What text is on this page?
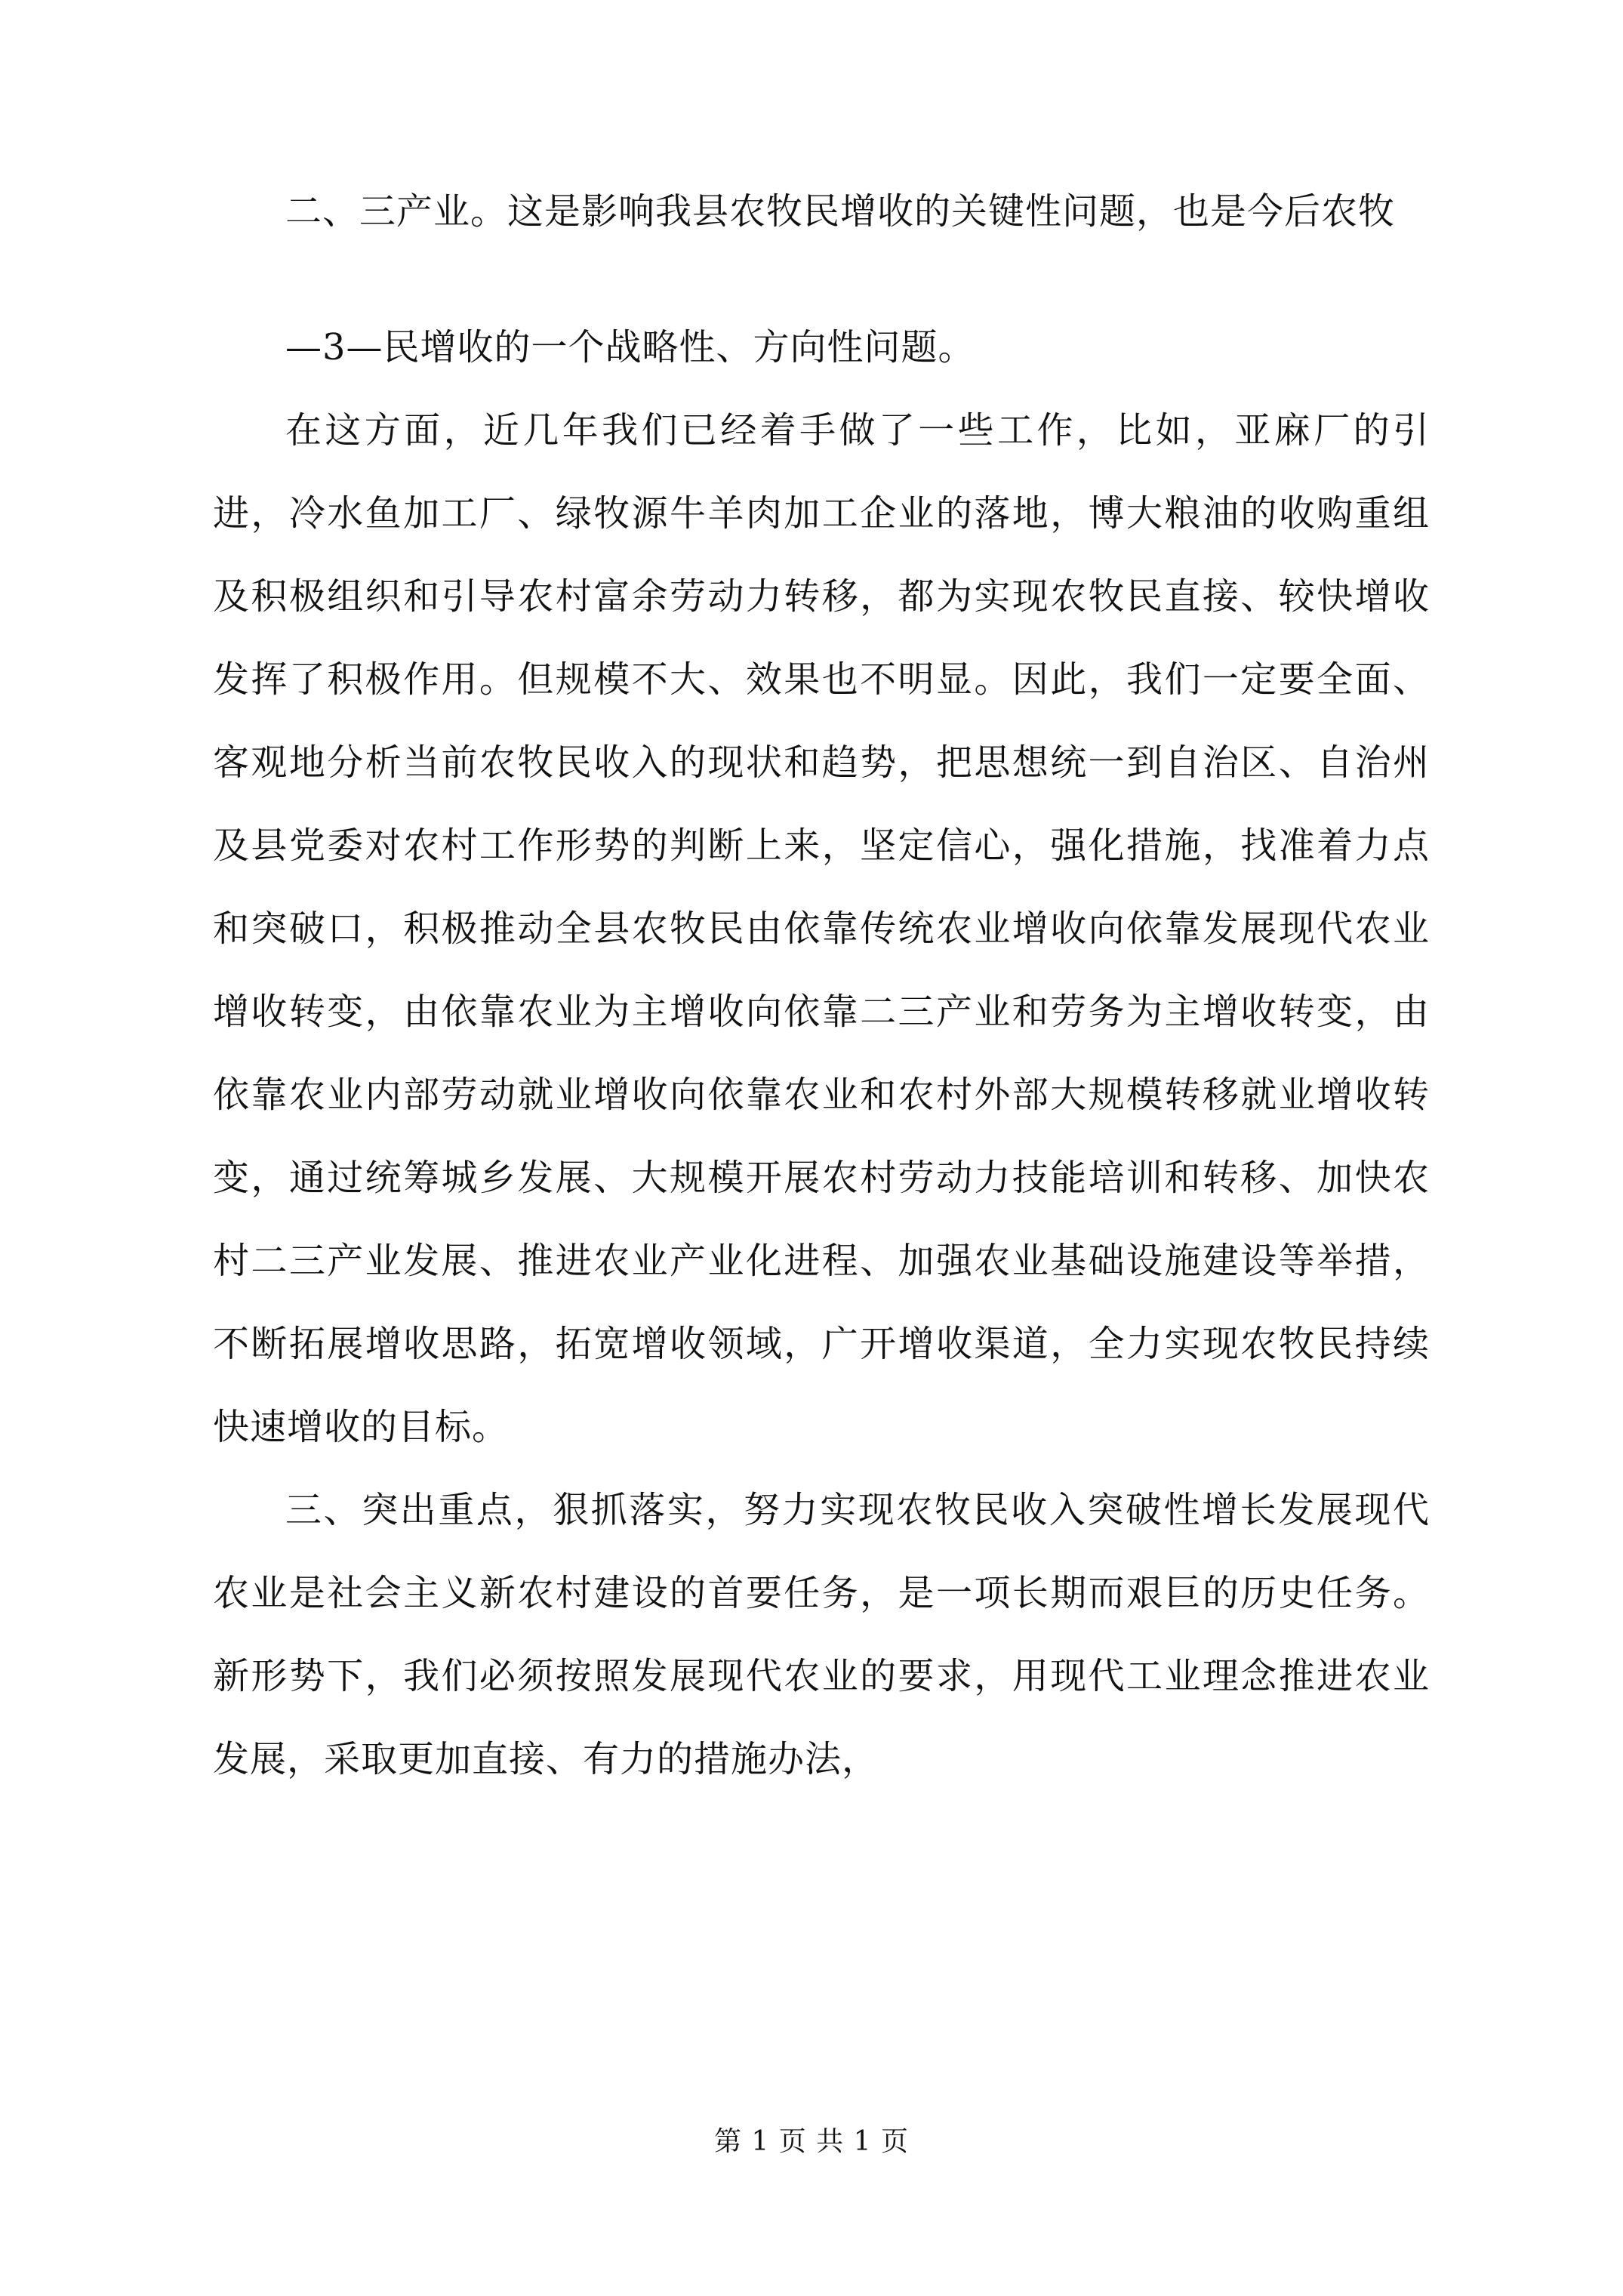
二、三产业。这是影响我县农牧民增收的关键性问题，也是今后农牧

—3—民增收的一个战略性、方向性问题。

在这方面，近几年我们已经着手做了一些工作，比如，亚麻厂的引进，冷水鱼加工厂、绿牧源牛羊肉加工企业的落地，博大粮油的收购重组及积极组织和引导农村富余劳动力转移，都为实现农牧民直接、较快增收发挥了积极作用。但规模不大、效果也不明显。因此，我们一定要全面、客观地分析当前农牧民收入的现状和趋势，把思想统一到自治区、自治州及县党委对农村工作形势的判断上来，坚定信心，强化措施，找准着力点和突破口，积极推动全县农牧民由依靠传统农业增收向依靠发展现代农业增收转变，由依靠农业为主增收向依靠二三产业和劳务为主增收转变，由依靠农业内部劳动就业增收向依靠农业和农村外部大规模转移就业增收转变，通过统筹城乡发展、大规模开展农村劳动力技能培训和转移、加快农村二三产业发展、推进农业产业化进程、加强农业基础设施建设等举措，不断拓展增收思路，拓宽增收领域，广开增收渠道，全力实现农牧民持续快速增收的目标。

三、突出重点，狠抓落实，努力实现农牧民收入突破性增长发展现代农业是社会主义新农村建设的首要任务，是一项长期而艰巨的历史任务。新形势下，我们必须按照发展现代农业的要求，用现代工业理念推进农业发展，采取更加直接、有力的措施办法，

第 1 页 共 1 页
